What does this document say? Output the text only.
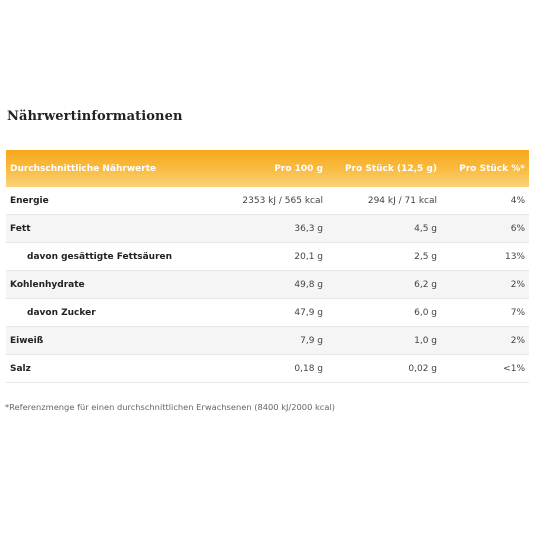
Nährwertinformationen
Durchschnittliche Nährwerte	Pro 100 g	Pro Stück (12,5 g)	Pro Stück %*
Energie	2353 kJ / 565 kcal	294 kJ / 71 kcal	4%
Fett	36,3 g	4,5 g	6%
davon gesättigte Fettsäuren	20,1 g	2,5 g	13%
Kohlenhydrate	49,8 g	6,2 g	2%
davon Zucker	47,9 g	6,0 g	7%
Eiweiß	7,9 g	1,0 g	2%
Salz	0,18 g	0,02 g	<1%
*Referenzmenge für einen durchschnittlichen Erwachsenen (8400 kJ/2000 kcal)
